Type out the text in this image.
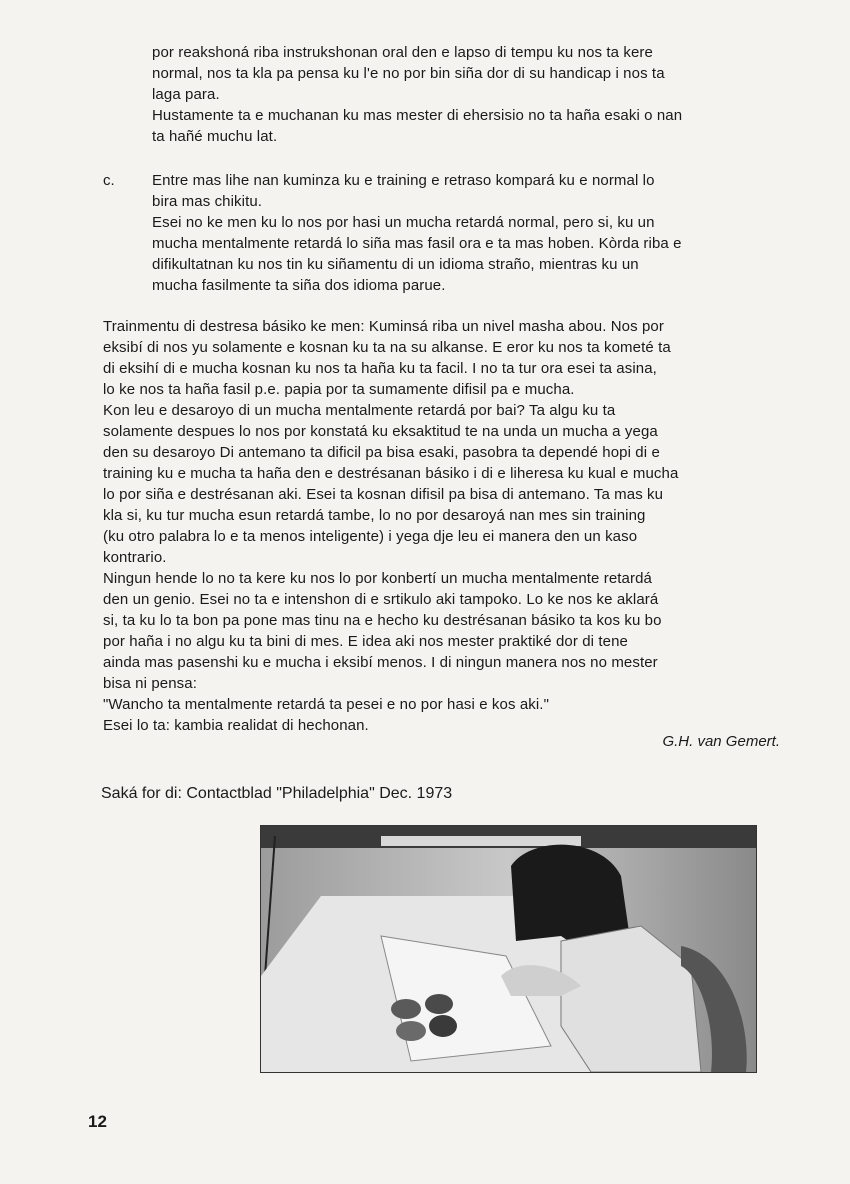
por reakshoná riba instrukshonan oral den e lapso di tempu ku nos ta kere

normal, nos ta kla pa pensa ku l'e no por bin siña dor di su handicap i nos ta

laga para.

Hustamente ta e muchanan ku mas mester di ehersisio no ta haña esaki o nan

ta hañé muchu lat.

c. Entre mas lihe nan kuminza ku e training e retraso kompará ku e normal lo

bira mas chikitu.

Esei no ke men ku lo nos por hasi un mucha retardá normal, pero si, ku un

mucha mentalmente retardá lo siña mas fasil ora e ta mas hoben. Kòrda riba e

difikultatnan ku nos tin ku siñamentu di un idioma straño, mientras ku un

mucha fasilmente ta siña dos idioma parue.

Trainmentu di destresa básiko ke men: Kuminsá riba un nivel masha abou. Nos por

eksibí di nos yu solamente e kosnan ku ta na su alkanse. E eror ku nos ta kometé ta

di eksihí di e mucha kosnan ku nos ta haña ku ta facil. I no ta tur ora esei ta asina,

lo ke nos ta haña fasil p.e. papia por ta sumamente difisil pa e mucha.

Kon leu e desaroyo di un mucha mentalmente retardá por bai? Ta algu ku ta

solamente despues lo nos por konstatá ku eksaktitud te na unda un mucha a yega

den su desaroyo Di antemano ta dificil pa bisa esaki, pasobra ta dependé hopi di e

training ku e mucha ta haña den e destrésanan básiko i di e liheresa ku kual e mucha

lo por siña e destrésanan aki. Esei ta kosnan difisil pa bisa di antemano. Ta mas ku

kla si, ku tur mucha esun retardá tambe, lo no por desaroyá nan mes sin training

(ku otro palabra lo e ta menos inteligente) i yega dje leu ei manera den un kaso

kontrario.

Ningun hende lo no ta kere ku nos lo por konbertí un mucha mentalmente retardá

den un genio. Esei no ta e intenshon di e srtikulo aki tampoko. Lo ke nos ke aklará

si, ta ku lo ta bon pa pone mas tinu na e hecho ku destrésanan básiko ta kos ku bo

por haña i no algu ku ta bini di mes. E idea aki nos mester praktiké dor di tene

ainda mas pasenshi ku e mucha i eksibí menos. I di ningun manera nos no mester

bisa ni pensa:

"Wancho ta mentalmente retardá ta pesei e no por hasi e kos aki."

Esei lo ta: kambia realidat di hechonan.

G.H. van Gemert.
Saká for di: Contactblad "Philadelphia" Dec. 1973
12
